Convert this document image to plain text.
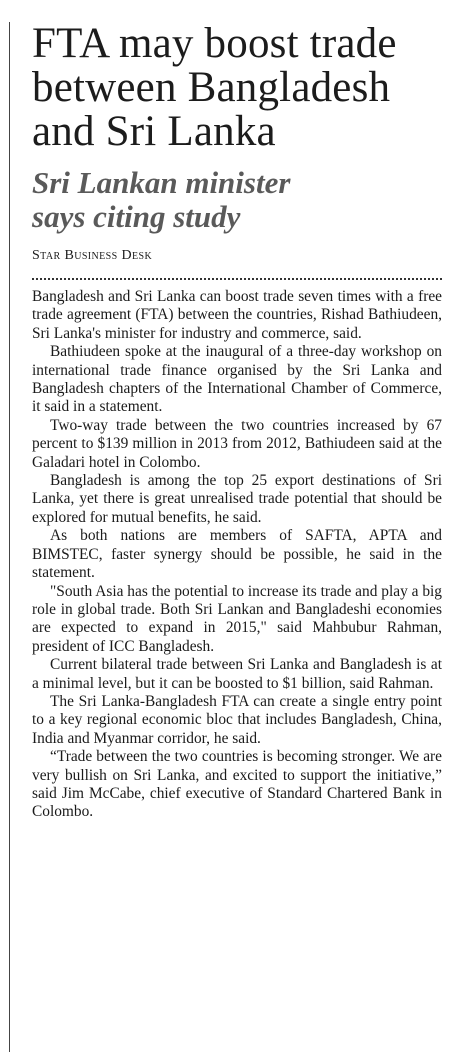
FTA may boost trade
between Bangladesh
and Sri Lanka
Sri Lankan minister
says citing study
Star Business Desk

Bangladesh and Sri Lanka can boost trade seven times with a free trade agreement (FTA) between the countries, Rishad Bathiudeen, Sri Lanka's minister for industry and commerce, said.

Bathiudeen spoke at the inaugural of a three-day workshop on international trade finance organised by the Sri Lanka and Bangladesh chapters of the International Chamber of Commerce, it said in a statement.

Two-way trade between the two countries increased by 67 percent to $139 million in 2013 from 2012, Bathiudeen said at the Galadari hotel in Colombo.

Bangladesh is among the top 25 export destinations of Sri Lanka, yet there is great unrealised trade potential that should be explored for mutual benefits, he said.

As both nations are members of SAFTA, APTA and BIMSTEC, faster synergy should be possible, he said in the statement.

"South Asia has the potential to increase its trade and play a big role in global trade. Both Sri Lankan and Bangladeshi economies are expected to expand in 2015," said Mahbubur Rahman, president of ICC Bangladesh.

Current bilateral trade between Sri Lanka and Bangladesh is at a minimal level, but it can be boosted to $1 billion, said Rahman.

The Sri Lanka-Bangladesh FTA can create a single entry point to a key regional economic bloc that includes Bangladesh, China, India and Myanmar corridor, he said.

“Trade between the two countries is becoming stronger. We are very bullish on Sri Lanka, and excited to support the initiative,” said Jim McCabe, chief executive of Standard Chartered Bank in Colombo.
